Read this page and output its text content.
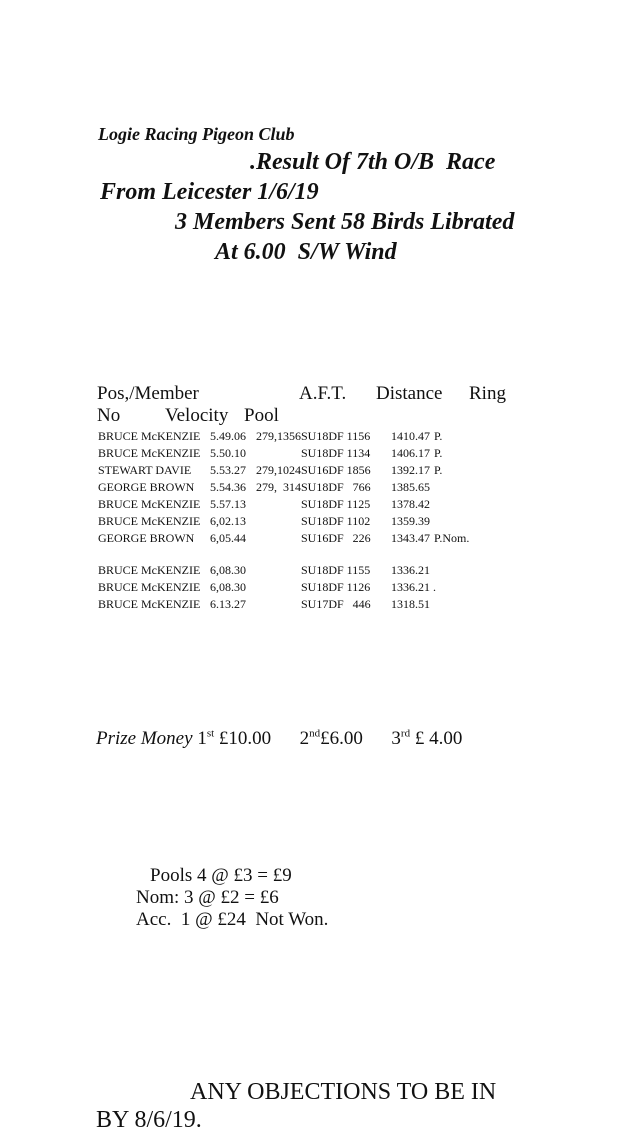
Logie Racing Pigeon Club
.Result Of 7th O/B  Race
From Leicester 1/6/19
3 Members Sent 58 Birds Librated
At 6.00  S/W Wind
Pos,/Member	A.F.T. Distance Ring
No Velocity Pool
BRUCE McKENZIE 5.49.06 279,1356 SU18DF 1156 1410.47 P.
BRUCE McKENZIE 5.50.10	SU18DF 1134 1406.17 P.
STEWART DAVIE 5.53.27 279,1024 SU16DF 1856 1392.17 P.
GEORGE BROWN 5.54.36 279,  314 SU18DF   766 1385.65
BRUCE McKENZIE 5.57.13	SU18DF 1125 1378.42
BRUCE McKENZIE 6,02.13	SU18DF 1102 1359.39
GEORGE BROWN 6,05.44	SU16DF   226 1343.47 P.Nom.
BRUCE McKENZIE 6,08.30	SU18DF 1155 1336.21
BRUCE McKENZIE 6,08.30	SU18DF 1126 1336.21 .
BRUCE McKENZIE 6.13.27	SU17DF   446 1318.51
Prize Money 1st £10.00 2nd£6.00 3rd £ 4.00
Pools 4 @ £3 = £9
Nom: 3 @ £2 = £6
Acc.  1 @ £24  Not Won.
ANY OBJECTIONS TO BE IN
BY 8/6/19.
